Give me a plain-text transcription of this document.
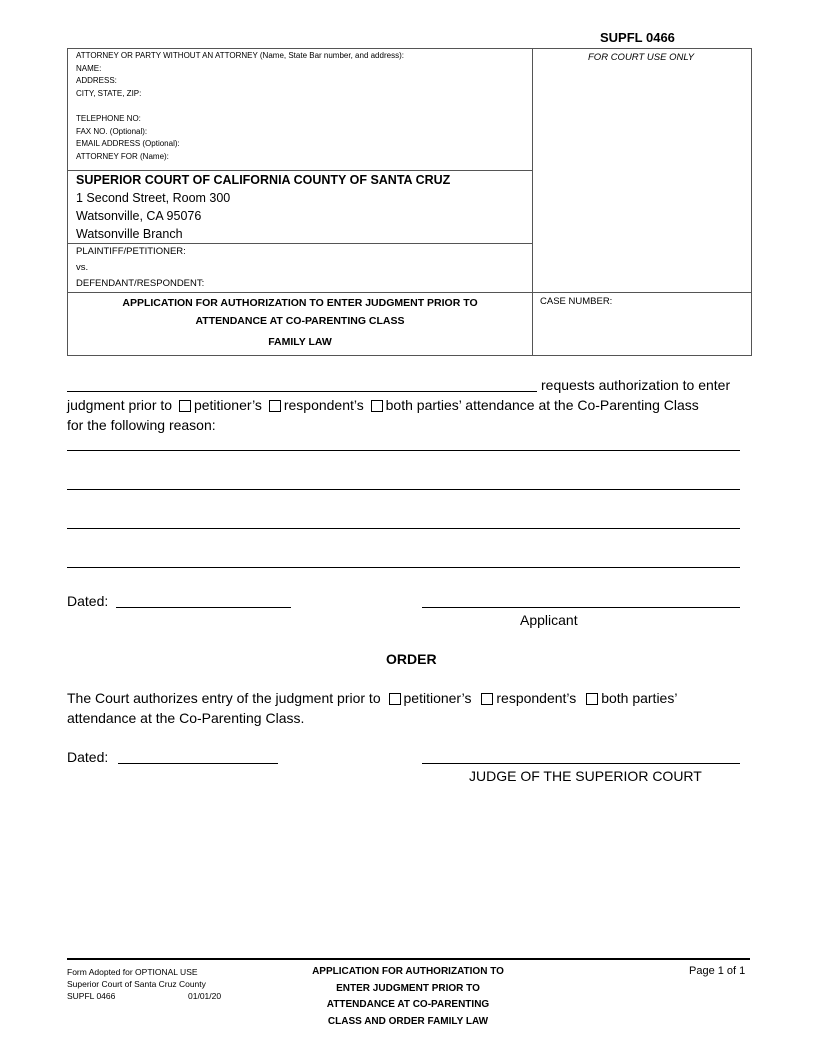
SUPFL 0466
ATTORNEY OR PARTY WITHOUT AN ATTORNEY (Name, State Bar number, and address):
NAME:
ADDRESS:
CITY, STATE, ZIP:
TELEPHONE NO:
FAX NO. (Optional):
EMAIL ADDRESS (Optional):
ATTORNEY FOR (Name):
FOR COURT USE ONLY
SUPERIOR COURT OF CALIFORNIA COUNTY OF SANTA CRUZ
1 Second Street, Room 300
Watsonville, CA 95076
Watsonville Branch
PLAINTIFF/PETITIONER:
vs.
DEFENDANT/RESPONDENT:
APPLICATION FOR AUTHORIZATION TO ENTER JUDGMENT PRIOR TO
ATTENDANCE AT CO-PARENTING CLASS
FAMILY LAW
CASE NUMBER:
requests authorization to enter
judgment prior to petitioner’s respondent’s both parties’ attendance at the Co-Parenting Class
for the following reason:
Dated:
Applicant
ORDER
The Court authorizes entry of the judgment prior to petitioner’s respondent’s both parties’
attendance at the Co-Parenting Class.
Dated:
JUDGE OF THE SUPERIOR COURT
Form Adopted for OPTIONAL USE
Superior Court of Santa Cruz County
SUPFL 0466	01/01/20
APPLICATION FOR AUTHORIZATION TO
ENTER JUDGMENT PRIOR TO
ATTENDANCE AT CO-PARENTING
CLASS AND ORDER FAMILY LAW
Page 1 of 1
